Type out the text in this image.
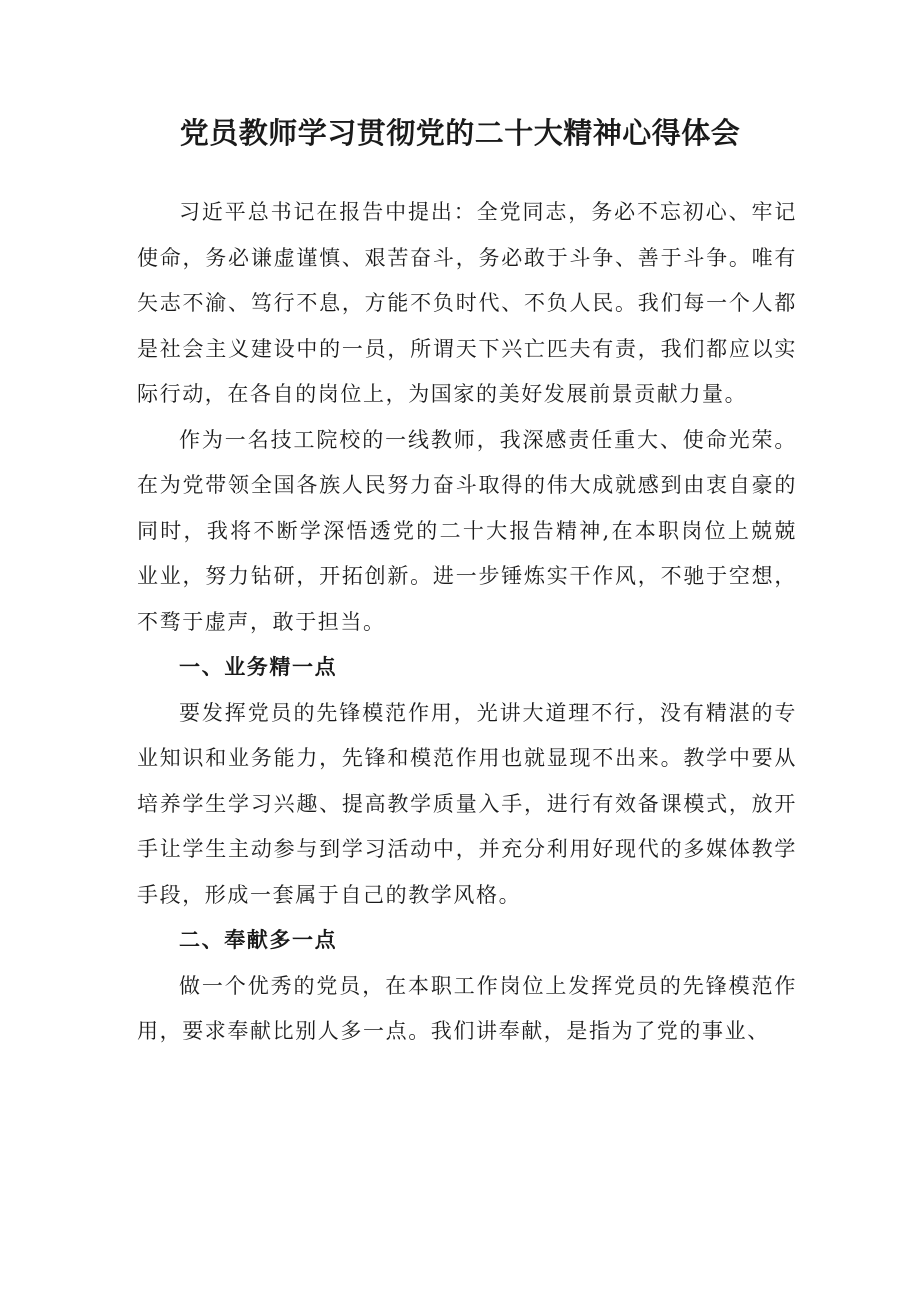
党员教师学习贯彻党的二十大精神心得体会

习近平总书记在报告中提出：全党同志，务必不忘初心、牢记使命，务必谦虚谨慎、艰苦奋斗，务必敢于斗争、善于斗争。唯有矢志不渝、笃行不息，方能不负时代、不负人民。我们每一个人都是社会主义建设中的一员，所谓天下兴亡匹夫有责，我们都应以实际行动，在各自的岗位上，为国家的美好发展前景贡献力量。

作为一名技工院校的一线教师，我深感责任重大、使命光荣。在为党带领全国各族人民努力奋斗取得的伟大成就感到由衷自豪的同时，我将不断学深悟透党的二十大报告精神,在本职岗位上兢兢业业，努力钻研，开拓创新。进一步锤炼实干作风，不驰于空想，不骛于虚声，敢于担当。

一、业务精一点

要发挥党员的先锋模范作用，光讲大道理不行，没有精湛的专业知识和业务能力，先锋和模范作用也就显现不出来。教学中要从培养学生学习兴趣、提高教学质量入手，进行有效备课模式，放开手让学生主动参与到学习活动中，并充分利用好现代的多媒体教学手段，形成一套属于自己的教学风格。

二、奉献多一点

做一个优秀的党员，在本职工作岗位上发挥党员的先锋模范作用，要求奉献比别人多一点。我们讲奉献，是指为了党的事业、
